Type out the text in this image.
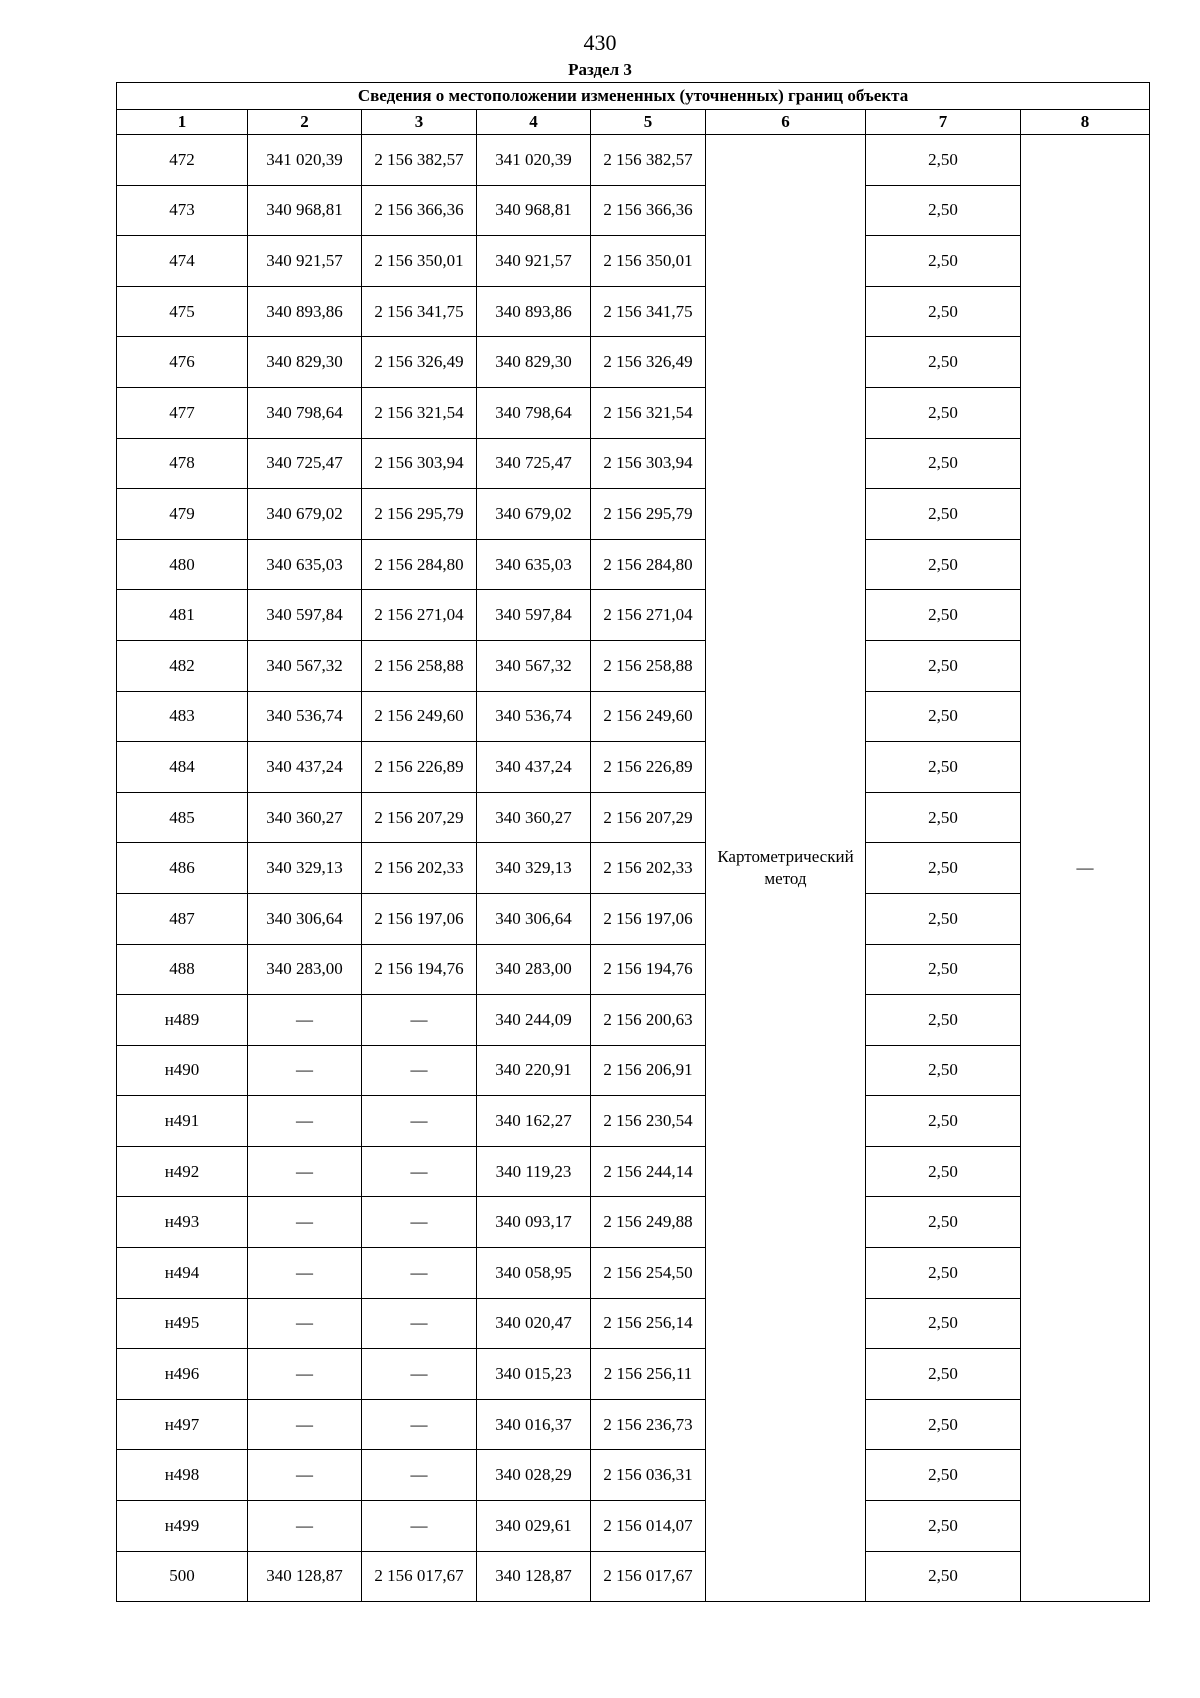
430
Раздел 3
Сведения о местоположении измененных (уточненных) границ объекта							
1	2	3	4	5	6	7	8
472	341 020,39	2 156 382,57	341 020,39	2 156 382,57	Картометрический метод	2,50	—
473	340 968,81	2 156 366,36	340 968,81	2 156 366,36		2,50	
474	340 921,57	2 156 350,01	340 921,57	2 156 350,01		2,50	
475	340 893,86	2 156 341,75	340 893,86	2 156 341,75		2,50	
476	340 829,30	2 156 326,49	340 829,30	2 156 326,49		2,50	
477	340 798,64	2 156 321,54	340 798,64	2 156 321,54		2,50	
478	340 725,47	2 156 303,94	340 725,47	2 156 303,94		2,50	
479	340 679,02	2 156 295,79	340 679,02	2 156 295,79		2,50	
480	340 635,03	2 156 284,80	340 635,03	2 156 284,80		2,50	
481	340 597,84	2 156 271,04	340 597,84	2 156 271,04		2,50	
482	340 567,32	2 156 258,88	340 567,32	2 156 258,88		2,50	
483	340 536,74	2 156 249,60	340 536,74	2 156 249,60		2,50	
484	340 437,24	2 156 226,89	340 437,24	2 156 226,89		2,50	
485	340 360,27	2 156 207,29	340 360,27	2 156 207,29		2,50	
486	340 329,13	2 156 202,33	340 329,13	2 156 202,33		2,50	
487	340 306,64	2 156 197,06	340 306,64	2 156 197,06		2,50	
488	340 283,00	2 156 194,76	340 283,00	2 156 194,76		2,50	
н489	—	—	340 244,09	2 156 200,63		2,50	
н490	—	—	340 220,91	2 156 206,91		2,50	
н491	—	—	340 162,27	2 156 230,54		2,50	
н492	—	—	340 119,23	2 156 244,14		2,50	
н493	—	—	340 093,17	2 156 249,88		2,50	
н494	—	—	340 058,95	2 156 254,50		2,50	
н495	—	—	340 020,47	2 156 256,14		2,50	
н496	—	—	340 015,23	2 156 256,11		2,50	
н497	—	—	340 016,37	2 156 236,73		2,50	
н498	—	—	340 028,29	2 156 036,31		2,50	
н499	—	—	340 029,61	2 156 014,07		2,50	
500	340 128,87	2 156 017,67	340 128,87	2 156 017,67		2,50	
